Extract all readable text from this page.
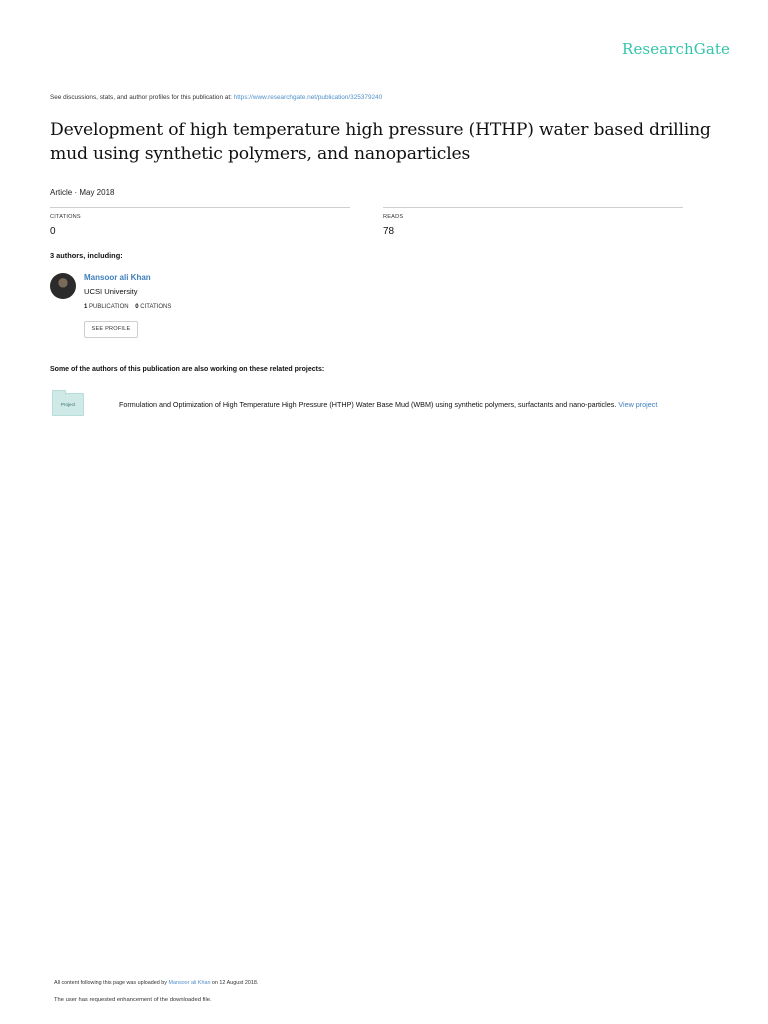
ResearchGate
See discussions, stats, and author profiles for this publication at: https://www.researchgate.net/publication/325379240
Development of high temperature high pressure (HTHP) water based drilling mud using synthetic polymers, and nanoparticles
Article · May 2018
CITATIONS
0
READS
78
3 authors, including:
Mansoor ali Khan
UCSI University
1 PUBLICATION 0 CITATIONS
SEE PROFILE
Some of the authors of this publication are also working on these related projects:
Project	Formulation and Optimization of High Temperature High Pressure (HTHP) Water Base Mud (WBM) using synthetic polymers, surfactants and nano-particles. View project
All content following this page was uploaded by Mansoor ali Khan on 12 August 2018.
The user has requested enhancement of the downloaded file.
